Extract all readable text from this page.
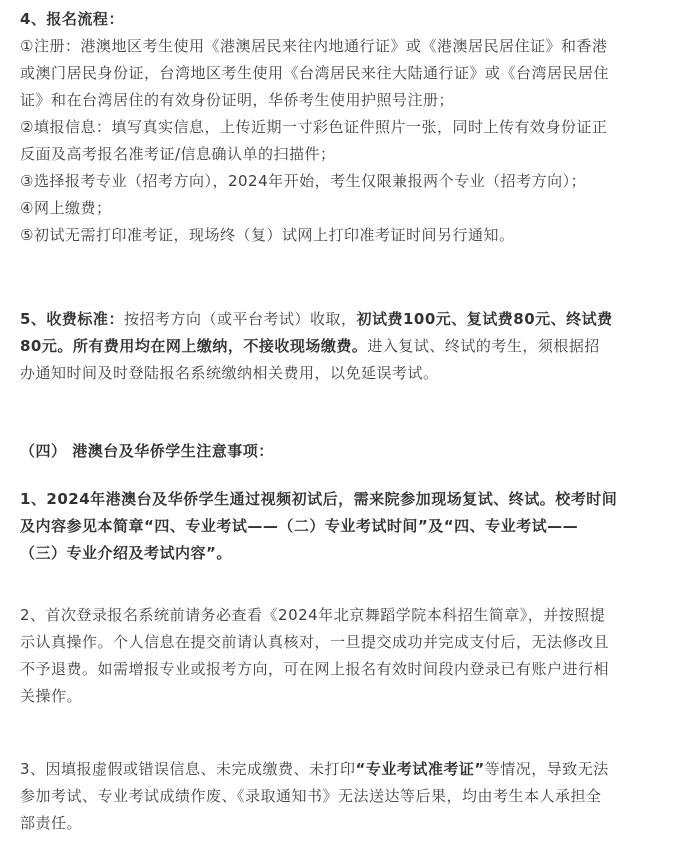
4、报名流程：
①注册：港澳地区考生使用《港澳居民来往内地通行证》或《港澳居民居住证》和香港
或澳门居民身份证，台湾地区考生使用《台湾居民来往大陆通行证》或《台湾居民居住
证》和在台湾居住的有效身份证明，华侨考生使用护照号注册；
②填报信息：填写真实信息，上传近期一寸彩色证件照片一张，同时上传有效身份证正
反面及高考报名准考证/信息确认单的扫描件；
③选择报考专业（招考方向），2024年开始，考生仅限兼报两个专业（招考方向）；
④网上缴费；
⑤初试无需打印准考证，现场终（复）试网上打印准考证时间另行通知。
5、收费标准：按招考方向（或平台考试）收取，初试费100元、复试费80元、终试费
80元。所有费用均在网上缴纳，不接收现场缴费。进入复试、终试的考生，须根据招
办通知时间及时登陆报名系统缴纳相关费用，以免延误考试。
（四） 港澳台及华侨学生注意事项：
1、2024年港澳台及华侨学生通过视频初试后，需来院参加现场复试、终试。校考时间
及内容参见本简章“四、专业考试——（二）专业考试时间”及“四、专业考试——
（三）专业介绍及考试内容”。
2、首次登录报名系统前请务必查看《2024年北京舞蹈学院本科招生简章》，并按照提
示认真操作。个人信息在提交前请认真核对，一旦提交成功并完成支付后，无法修改且
不予退费。如需增报专业或报考方向，可在网上报名有效时间段内登录已有账户进行相
关操作。
3、因填报虚假或错误信息、未完成缴费、未打印“专业考试准考证”等情况，导致无法
参加考试、专业考试成绩作废、《录取通知书》无法送达等后果，均由考生本人承担全
部责任。
